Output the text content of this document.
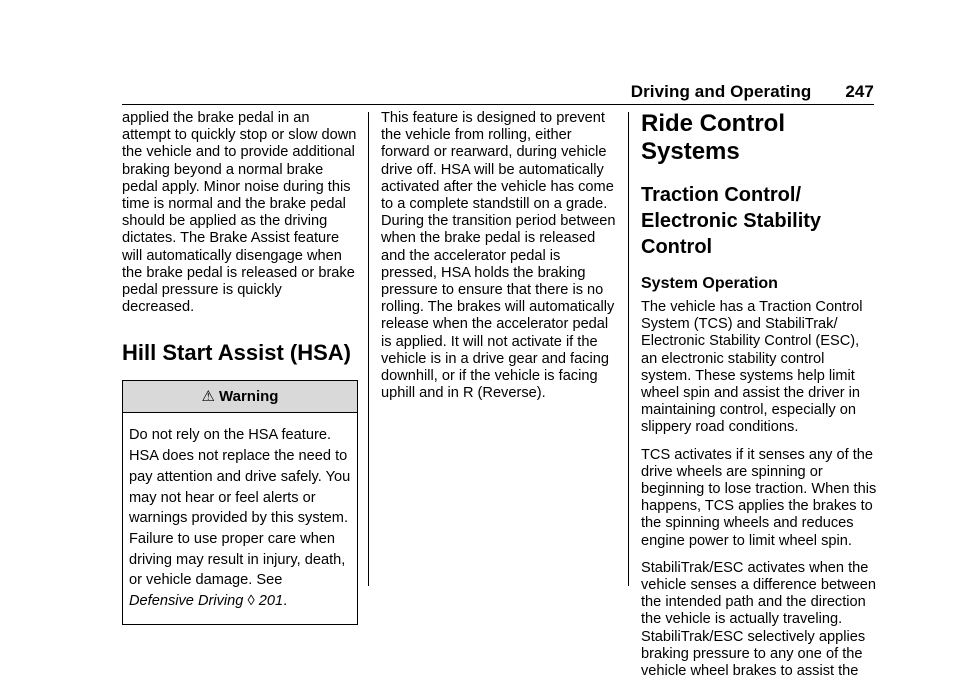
Driving and Operating 247

applied the brake pedal in an attempt to quickly stop or slow down the vehicle and to provide additional braking beyond a normal brake pedal apply. Minor noise during this time is normal and the brake pedal should be applied as the driving dictates. The Brake Assist feature will automatically disengage when the brake pedal is released or brake pedal pressure is quickly decreased.

Hill Start Assist (HSA)
⚠ Warning
Do not rely on the HSA feature. HSA does not replace the need to pay attention and drive safely. You may not hear or feel alerts or warnings provided by this system. Failure to use proper care when driving may result in injury, death, or vehicle damage. See Defensive Driving ◊ 201.

This feature is designed to prevent the vehicle from rolling, either forward or rearward, during vehicle drive off. HSA will be automatically activated after the vehicle has come to a complete standstill on a grade. During the transition period between when the brake pedal is released and the accelerator pedal is pressed, HSA holds the braking pressure to ensure that there is no rolling. The brakes will automatically release when the accelerator pedal is applied. It will not activate if the vehicle is in a drive gear and facing downhill, or if the vehicle is facing uphill and in R (Reverse).

Ride Control Systems
Traction Control/ Electronic Stability Control
System Operation

The vehicle has a Traction Control System (TCS) and StabiliTrak/ Electronic Stability Control (ESC), an electronic stability control system. These systems help limit wheel spin and assist the driver in maintaining control, especially on slippery road conditions.

TCS activates if it senses any of the drive wheels are spinning or beginning to lose traction. When this happens, TCS applies the brakes to the spinning wheels and reduces engine power to limit wheel spin.

StabiliTrak/ESC activates when the vehicle senses a difference between the intended path and the direction the vehicle is actually traveling. StabiliTrak/ESC selectively applies braking pressure to any one of the vehicle wheel brakes to assist the
